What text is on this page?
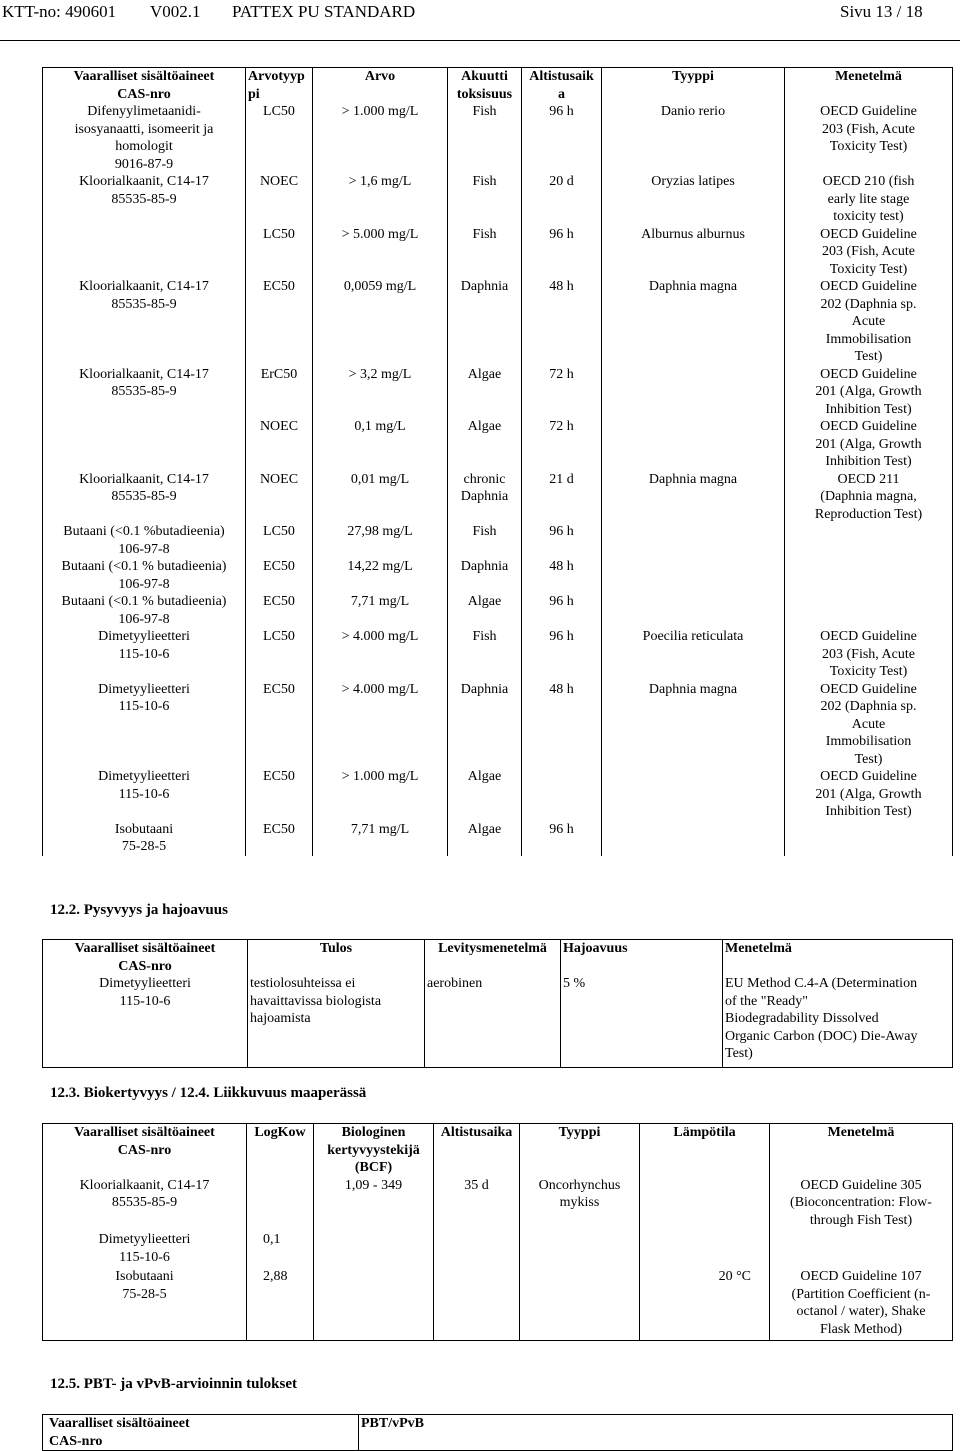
KTT-no: 490601 V002.1 PATTEX PU STANDARD	Sivu 13 / 18
Vaaralliset sisältöaineet
CAS-nro	Arvotyyp
pi	Arvo	Akuutti
toksisuus	Altistusaik
a	Tyyppi	Menetelmä
Difenyylimetaanidi-
isosyanaatti, isomeerit ja
homologit
9016-87-9	LC50	> 1.000 mg/L	Fish	96 h	Danio rerio	OECD Guideline
203 (Fish, Acute
Toxicity Test)
Kloorialkaanit, C14-17
85535-85-9	NOEC	> 1,6 mg/L	Fish	20 d	Oryzias latipes	OECD 210 (fish
early lite stage
toxicity test)
	LC50	> 5.000 mg/L	Fish	96 h	Alburnus alburnus	OECD Guideline
203 (Fish, Acute
Toxicity Test)
Kloorialkaanit, C14-17
85535-85-9	EC50	0,0059 mg/L	Daphnia	48 h	Daphnia magna	OECD Guideline
202 (Daphnia sp.
Acute
Immobilisation
Test)
Kloorialkaanit, C14-17
85535-85-9	ErC50	> 3,2 mg/L	Algae	72 h		OECD Guideline
201 (Alga, Growth
Inhibition Test)
	NOEC	0,1 mg/L	Algae	72 h		OECD Guideline
201 (Alga, Growth
Inhibition Test)
Kloorialkaanit, C14-17
85535-85-9	NOEC	0,01 mg/L	chronic
Daphnia	21 d	Daphnia magna	OECD 211
(Daphnia magna,
Reproduction Test)
Butaani (<0.1 %butadieenia)
106-97-8	LC50	27,98 mg/L	Fish	96 h		
Butaani (<0.1 % butadieenia)
106-97-8	EC50	14,22 mg/L	Daphnia	48 h		
Butaani (<0.1 % butadieenia)
106-97-8	EC50	7,71 mg/L	Algae	96 h		
Dimetyylieetteri
115-10-6	LC50	> 4.000 mg/L	Fish	96 h	Poecilia reticulata	OECD Guideline
203 (Fish, Acute
Toxicity Test)
Dimetyylieetteri
115-10-6	EC50	> 4.000 mg/L	Daphnia	48 h	Daphnia magna	OECD Guideline
202 (Daphnia sp.
Acute
Immobilisation
Test)
Dimetyylieetteri
115-10-6	EC50	> 1.000 mg/L	Algae			OECD Guideline
201 (Alga, Growth
Inhibition Test)
Isobutaani
75-28-5	EC50	7,71 mg/L	Algae	96 h		
12.2. Pysyvyys ja hajoavuus
Vaaralliset sisältöaineet
CAS-nro	Tulos	Levitysmenetelmä	Hajoavuus	Menetelmä
Dimetyylieetteri
115-10-6	testiolosuhteissa ei
havaittavissa biologista
hajoamista	aerobinen	5 %	EU Method C.4-A (Determination
of the "Ready"
Biodegradability Dissolved
Organic Carbon (DOC) Die-Away
Test)
12.3. Biokertyvyys / 12.4. Liikkuvuus maaperässä
Vaaralliset sisältöaineet
CAS-nro	LogKow	Biologinen
kertyvyystekijä
(BCF)	Altistusaika	Tyyppi	Lämpötila	Menetelmä
Kloorialkaanit, C14-17
85535-85-9		1,09 - 349	35 d	Oncorhynchus
mykiss		OECD Guideline 305
(Bioconcentration: Flow-
through Fish Test)
Dimetyylieetteri
115-10-6	0,1					
Isobutaani
75-28-5	2,88				20 °C	OECD Guideline 107
(Partition Coefficient (n-
octanol / water), Shake
Flask Method)
12.5. PBT- ja vPvB-arvioinnin tulokset
Vaaralliset sisältöaineet
CAS-nro	PBT/vPvB
